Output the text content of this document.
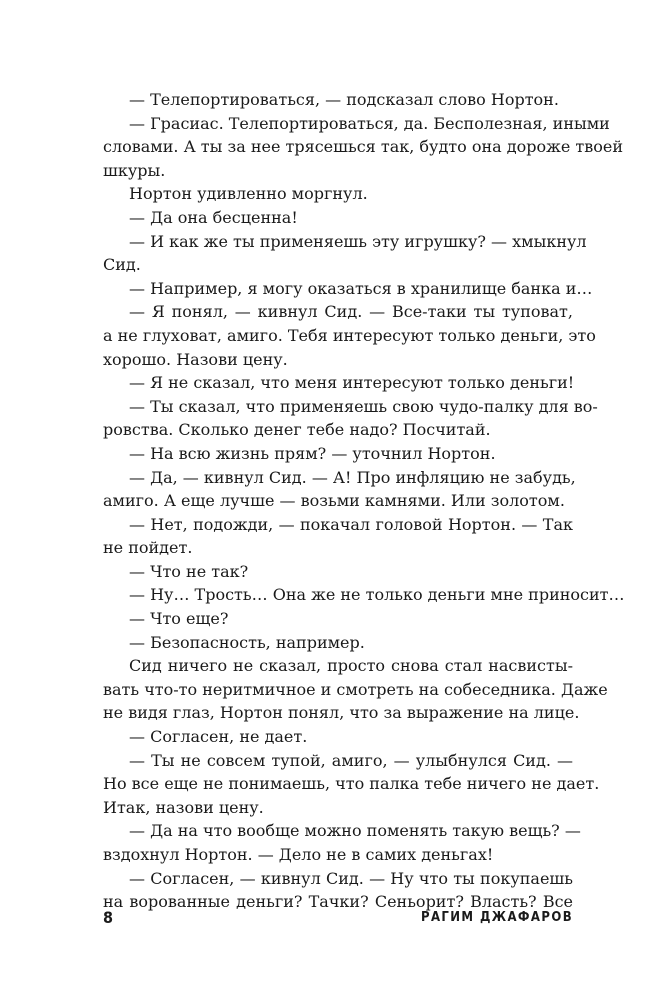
— Телепортироваться, — подсказал слово Нортон.
— Грасиас. Телепортироваться, да. Бесполезная, иными
словами. А ты за нее трясешься так, будто она дороже твоей
шкуры.
Нортон удивленно моргнул.
— Да она бесценна!
— И как же ты применяешь эту игрушку? — хмыкнул
Сид.
— Например, я могу оказаться в хранилище банка и…
— Я понял, — кивнул Сид. — Все-таки ты туповат,
а не глуховат, амиго. Тебя интересуют только деньги, это
хорошо. Назови цену.
— Я не сказал, что меня интересуют только деньги!
— Ты сказал, что применяешь свою чудо-палку для во-
ровства. Сколько денег тебе надо? Посчитай.
— На всю жизнь прям? — уточнил Нортон.
— Да, — кивнул Сид. — А! Про инфляцию не забудь,
амиго. А еще лучше — возьми камнями. Или золотом.
— Нет, подожди, — покачал головой Нортон. — Так
не пойдет.
— Что не так?
— Ну… Трость… Она же не только деньги мне приносит…
— Что еще?
— Безопасность, например.
Сид ничего не сказал, просто снова стал насвисты-
вать что-то неритмичное и смотреть на собеседника. Даже
не видя глаз, Нортон понял, что за выражение на лице.
— Согласен, не дает.
— Ты не совсем тупой, амиго, — улыбнулся Сид. —
Но все еще не понимаешь, что палка тебе ничего не дает.
Итак, назови цену.
— Да на что вообще можно поменять такую вещь? —
вздохнул Нортон. — Дело не в самих деньгах!
— Согласен, — кивнул Сид. — Ну что ты покупаешь
на ворованные деньги? Тачки? Сеньорит? Власть? Все
8	РАГИМ ДЖАФАРОВ
